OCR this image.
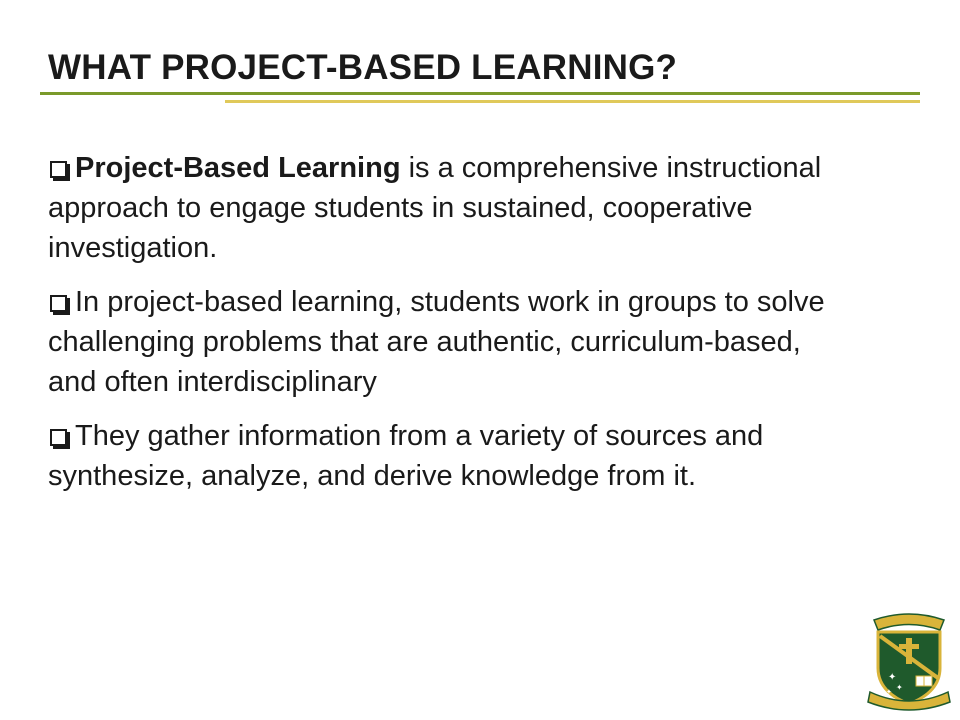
WHAT PROJECT-BASED LEARNING?
Project-Based Learning is a comprehensive instructional approach to engage students in sustained, cooperative investigation.
In project-based learning, students work in groups to solve challenging problems that are authentic, curriculum-based, and often interdisciplinary
They gather information from a variety of sources and synthesize, analyze, and derive knowledge from it.
✦
✦
✦
